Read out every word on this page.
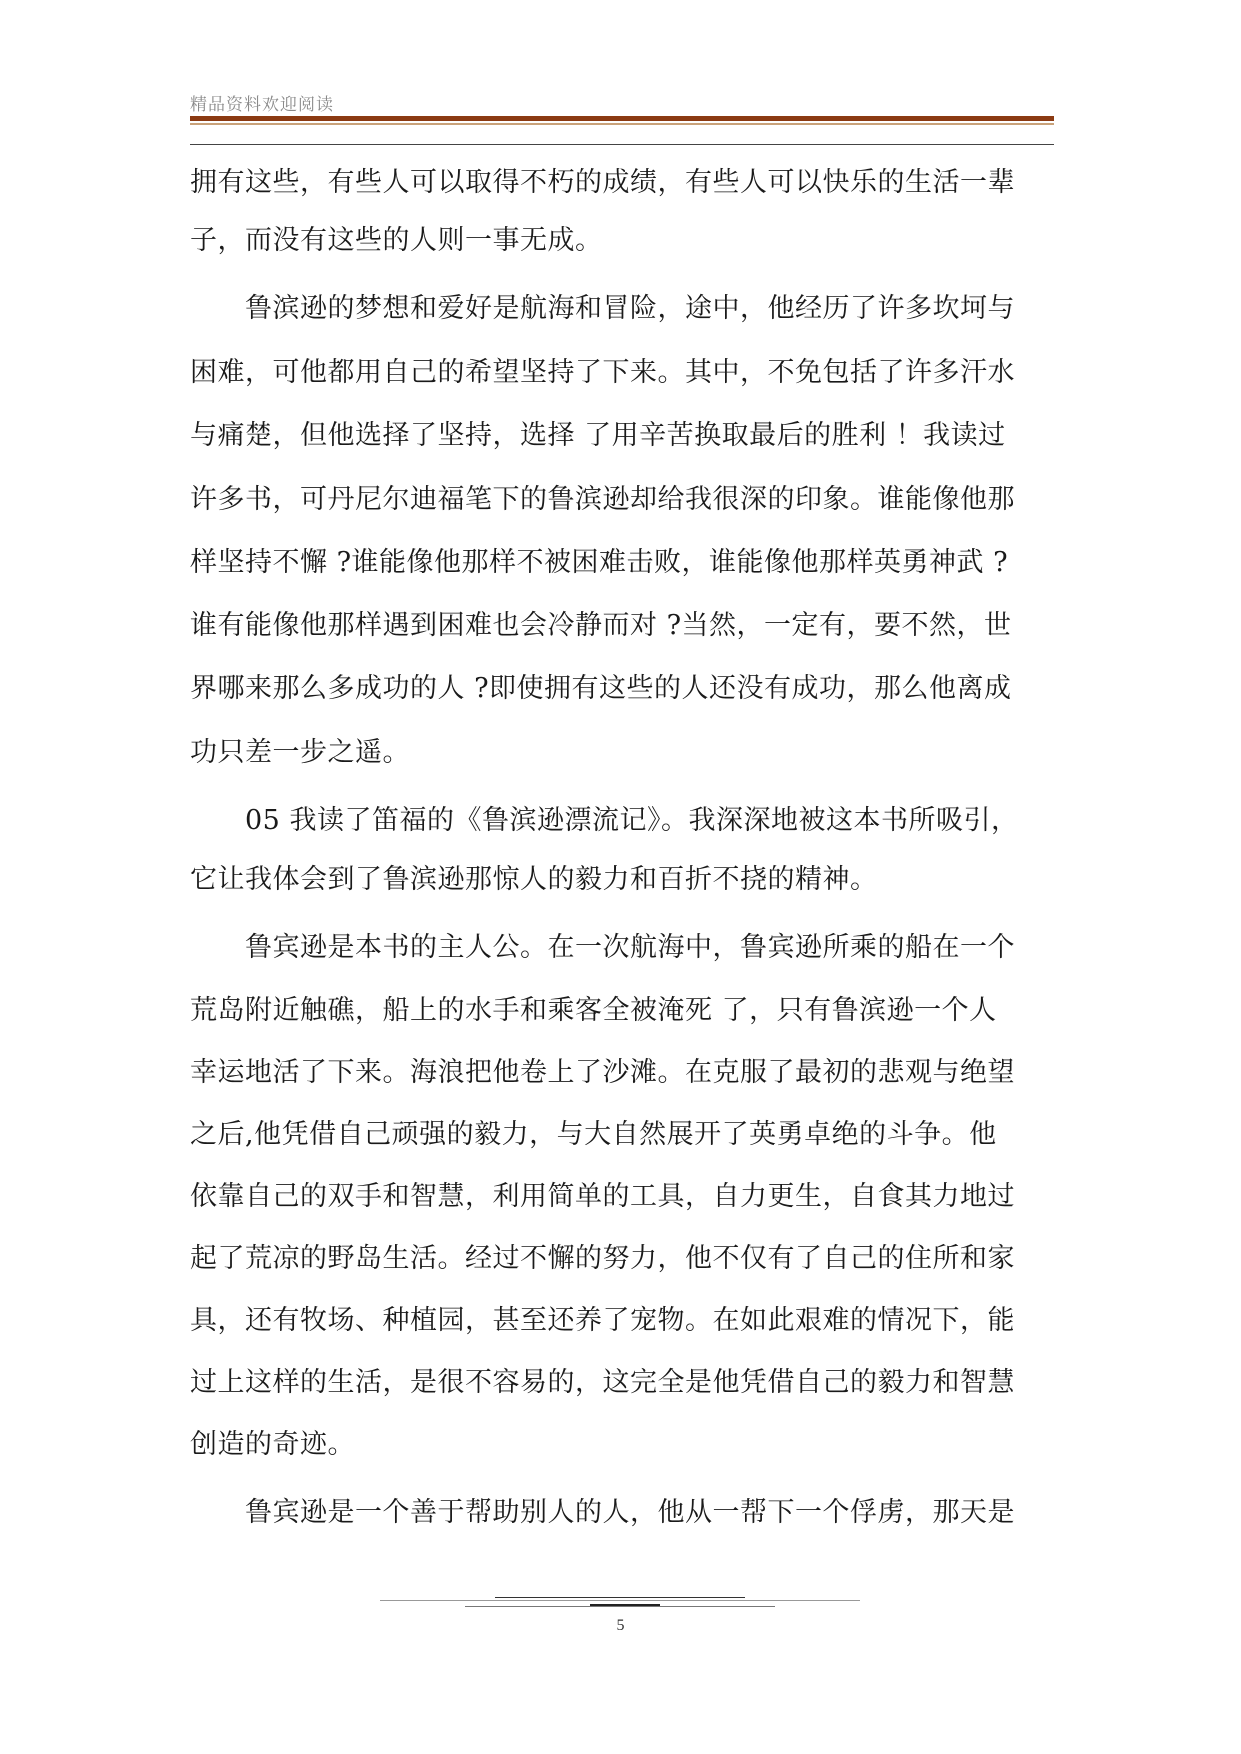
精品资料欢迎阅读
拥有这些，有些人可以取得不朽的成绩，有些人可以快乐的生活一辈
子，而没有这些的人则一事无成。
　　鲁滨逊的梦想和爱好是航海和冒险，途中，他经历了许多坎坷与
困难，可他都用自己的希望坚持了下来。其中，不免包括了许多汗水
与痛楚，但他选择了坚持，选择 了用辛苦换取最后的胜利 ！我读过
许多书，可丹尼尔迪福笔下的鲁滨逊却给我很深的印象。谁能像他那
样坚持不懈 ?谁能像他那样不被困难击败，谁能像他那样英勇神武 ?
谁有能像他那样遇到困难也会冷静而对 ?当然，一定有，要不然，世
界哪来那么多成功的人 ?即使拥有这些的人还没有成功，那么他离成
功只差一步之遥。
　　05 我读了笛福的《鲁滨逊漂流记》。我深深地被这本书所吸引，
它让我体会到了鲁滨逊那惊人的毅力和百折不挠的精神。
　　鲁宾逊是本书的主人公。在一次航海中，鲁宾逊所乘的船在一个
荒岛附近触礁，船上的水手和乘客全被淹死 了，只有鲁滨逊一个人
幸运地活了下来。海浪把他卷上了沙滩。在克服了最初的悲观与绝望
之后,他凭借自己顽强的毅力，与大自然展开了英勇卓绝的斗争。他
依靠自己的双手和智慧，利用简单的工具，自力更生，自食其力地过
起了荒凉的野岛生活。经过不懈的努力，他不仅有了自己的住所和家
具，还有牧场、种植园，甚至还养了宠物。在如此艰难的情况下，能
过上这样的生活，是很不容易的，这完全是他凭借自己的毅力和智慧
创造的奇迹。
　　鲁宾逊是一个善于帮助别人的人，他从一帮下一个俘虏，那天是
5
